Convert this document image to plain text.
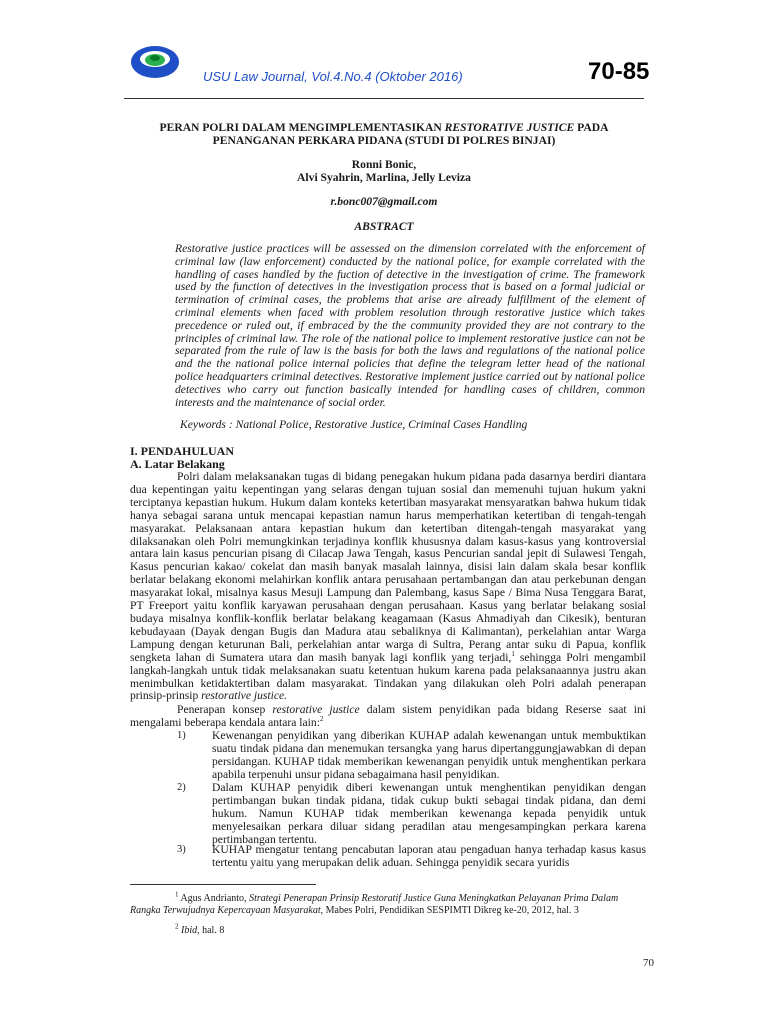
USU Law Journal, Vol.4.No.4 (Oktober 2016)	70-85
PERAN POLRI DALAM MENGIMPLEMENTASIKAN RESTORATIVE JUSTICE PADA
PENANGANAN PERKARA PIDANA (STUDI DI POLRES BINJAI)
Ronni Bonic,
Alvi Syahrin, Marlina, Jelly Leviza
r.bonc007@gmail.com
ABSTRACT

Restorative justice practices will be assessed on the dimension correlated with the enforcement of criminal law (law enforcement) conducted by the national police, for example correlated with the handling of cases handled by the fuction of detective in the investigation of crime. The framework used by the function of detectives in the investigation process that is based on a formal judicial or termination of criminal cases, the problems that arise are already fulfillment of the element of criminal elements when faced with problem resolution through restorative justice which takes precedence or ruled out, if embraced by the the community provided they are not contrary to the principles of criminal law. The role of the national police to implement restorative justice can not be separated from the rule of law is the basis for both the laws and regulations of the national police and the the national police internal policies that define the telegram letter head of the national police headquarters criminal detectives. Restorative implement justice carried out by national police detectives who carry out function basically intended for handling cases of children, common interests and the maintenance of social order.

Keywords : National Police, Restorative Justice, Criminal Cases Handling
I. PENDAHULUAN
A. Latar Belakang

Polri dalam melaksanakan tugas di bidang penegakan hukum pidana pada dasarnya berdiri diantara dua kepentingan yaitu kepentingan yang selaras dengan tujuan sosial dan memenuhi tujuan hukum yakni terciptanya kepastian hukum. Hukum dalam konteks ketertiban masyarakat mensyaratkan bahwa hukum tidak hanya sebagai sarana untuk mencapai kepastian namun harus memperhatikan ketertiban di tengah-tengah masyarakat. Pelaksanaan antara kepastian hukum dan ketertiban ditengah-tengah masyarakat yang dilaksanakan oleh Polri memungkinkan terjadinya konflik khususnya dalam kasus-kasus yang kontroversial antara lain kasus pencurian pisang di Cilacap Jawa Tengah, kasus Pencurian sandal jepit di Sulawesi Tengah, Kasus pencurian kakao/ cokelat dan masih banyak masalah lainnya, disisi lain dalam skala besar konflik berlatar belakang ekonomi melahirkan konflik antara perusahaan pertambangan dan atau perkebunan dengan masyarakat lokal, misalnya kasus Mesuji Lampung dan Palembang, kasus Sape / Bima Nusa Tenggara Barat, PT Freeport yaitu konflik karyawan perusahaan dengan perusahaan. Kasus yang berlatar belakang sosial budaya misalnya konflik-konflik berlatar belakang keagamaan (Kasus Ahmadiyah dan Cikesik), benturan kebudayaan (Dayak dengan Bugis dan Madura atau sebaliknya di Kalimantan), perkelahian antar Warga Lampung dengan keturunan Bali, perkelahian antar warga di Sultra, Perang antar suku di Papua, konflik sengketa lahan di Sumatera utara dan masih banyak lagi konflik yang terjadi,$^1$ sehingga Polri mengambil langkah-langkah untuk tidak melaksanakan suatu ketentuan hukum karena pada pelaksanaannya justru akan menimbulkan ketidaktertiban dalam masyarakat. Tindakan yang dilakukan oleh Polri adalah penerapan prinsip-prinsip restorative justice.

Penerapan konsep restorative justice dalam sistem penyidikan pada bidang Reserse saat ini mengalami beberapa kendala antara lain:$^2$

1) Kewenangan penyidikan yang diberikan KUHAP adalah kewenangan untuk membuktikan suatu tindak pidana dan menemukan tersangka yang harus dipertanggungjawabkan di depan persidangan. KUHAP tidak memberikan kewenangan penyidik untuk menghentikan perkara apabila terpenuhi unsur pidana sebagaimana hasil penyidikan.
2) Dalam KUHAP penyidik diberi kewenangan untuk menghentikan penyidikan dengan pertimbangan bukan tindak pidana, tidak cukup bukti sebagai tindak pidana, dan demi hukum. Namun KUHAP tidak memberikan kewenanga kepada penyidik untuk menyelesaikan perkara diluar sidang peradilan atau mengesampingkan perkara karena pertimbangan tertentu.
3) KUHAP mengatur tentang pencabutan laporan atau pengaduan hanya terhadap kasus kasus tertentu yaitu yang merupakan delik aduan. Sehingga penyidik secara yuridis

$^1$ Agus Andrianto, Strategi Penerapan Prinsip Restoratif Justice Guna Meningkatkan Pelayanan Prima Dalam Rangka Terwujudnya Kepercayaan Masyarakat, Mabes Polri, Pendidikan SESPIMTI Dikreg ke-20, 2012, hal. 3

$^2$ Ibid, hal. 8

70
